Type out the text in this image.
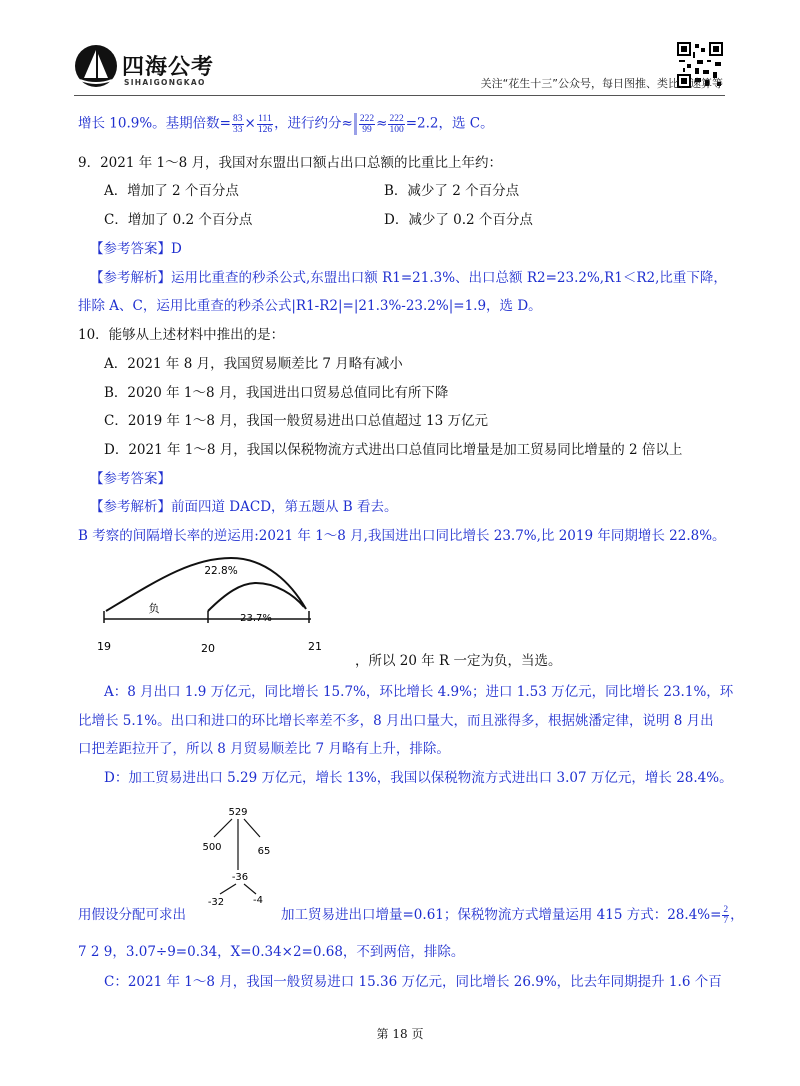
四海公考
SIHAIGONGKAO	关注“花生十三”公众号，每日图推、类比、速算等
增长 10.9%。基期倍数= $\frac{83}{33} \times \frac{111}{126}$ ，进行约分≈ $\frac{222}{99} \approx \frac{222}{100} =2.2$，选 C。
9．2021 年 1～8 月，我国对东盟出口额占出口总额的比重比上年约：
A．增加了 2 个百分点	B．减少了 2 个百分点
C．增加了 0.2 个百分点	D．减少了 0.2 个百分点
【参考答案】D
【参考解析】运用比重查的秒杀公式,东盟出口额 R1=21.3%、出口总额 R2=23.2%,R1＜R2,比重下降，
排除 A、C，运用比重查的秒杀公式|R1-R2|=|21.3%-23.2%|=1.9，选 D。
10．能够从上述材料中推出的是：
A．2021 年 8 月，我国贸易顺差比 7 月略有减小
B．2020 年 1～8 月，我国进出口贸易总值同比有所下降
C．2019 年 1～8 月，我国一般贸易进出口总值超过 13 万亿元
D．2021 年 1～8 月，我国以保税物流方式进出口总值同比增量是加工贸易同比增量的 2 倍以上
【参考答案】
【参考解析】前面四道 DACD，第五题从 B 看去。
B 考察的间隔增长率的逆运用:2021 年 1～8 月,我国进出口同比增长 23.7%,比 2019 年同期增长 22.8%。
22.8%
23.7%
负
19	20	21
，所以 20 年 R 一定为负，当选。
A：8 月出口 1.9 万亿元，同比增长 15.7%，环比增长 4.9%；进口 1.53 万亿元，同比增长 23.1%，环
比增长 5.1%。出口和进口的环比增长率差不多，8 月出口量大，而且涨得多，根据姚潘定律，说明 8 月出
口把差距拉开了，所以 8 月贸易顺差比 7 月略有上升，排除。
D：加工贸易进出口 5.29 万亿元，增长 13%，我国以保税物流方式进出口 3.07 万亿元，增长 28.4%。
529
500	65
-36
-32	-4
用假设分配可求出	加工贸易进出口增量=0.61；保税物流方式增量运用 415 方式：$28.4\%= \frac{2}{7}$ ，
7 2 9，3.07÷9=0.34，X=0.34×2=0.68，不到两倍，排除。
C：2021 年 1～8 月，我国一般贸易进口 15.36 万亿元，同比增长 26.9%，比去年同期提升 1.6 个百
第 18 页
